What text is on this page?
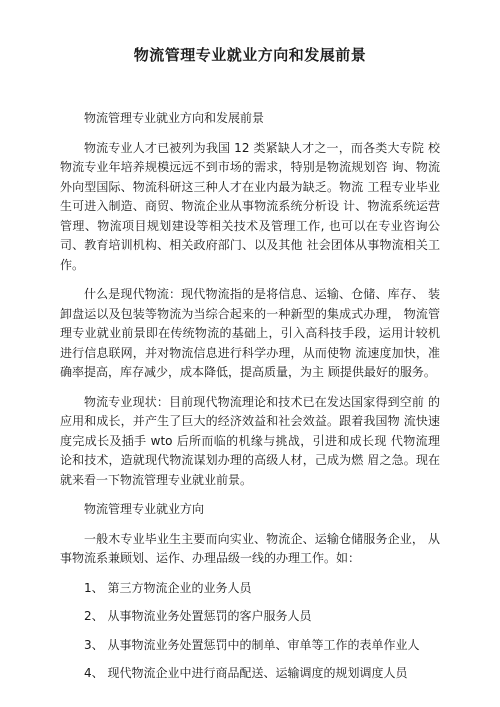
物流管理专业就业方向和发展前景

物流管理专业就业方向和发展前景

物流专业人才已被列为我国 12 类紧缺人才之一，而各类大专院 校物流专业年培养规模远远不到市场的需求，特别是物流规划咨 询、物流外向型国际、物流科研这三种人才在业内最为缺乏。物流 工程专业毕业生可进入制造、商贸、物流企业从事物流系统分析设 计、物流系统运营管理、物流项目规划建设等相关技术及管理工作, 也可以在专业咨询公司、教育培训机构、相关政府部门、以及其他 社会团体从事物流相关工作。

什么是现代物流：现代物流指的是将信息、运输、仓储、库存、 装卸盘运以及包装等物流为当综合起来的一种新型的集成式办理， 物流管理专业就业前景即在传统物流的基础上，引入高科技手段，运用计较机进行信息联网，并对物流信息进行科学办理，从而使物 流速度加快，准确率提高，库存减少，成本降低，提高质量，为主 顾提供最好的服务。

物流专业现状：目前现代物流理论和技术已在发达国家得到空前 的应用和成长，并产生了巨大的经济效益和社会效益。跟着我国物 流快速度完成长及插手 wto 后所而临的机缘与挑战，引进和成长现 代物流理论和技术，造就现代物流谋划办理的高级人材，己成为燃 眉之急。现在就来看一下物流管理专业就业前景。

物流管理专业就业方向

一般木专业毕业生主要而向实业、物流企、运输仓储服务企业， 从事物流系兼顾划、运作、办理品级一线的办理工作。如：

1、 第三方物流企业的业务人员

2、 从事物流业务处置惩罚的客户服务人员

3、 从事物流业务处置惩罚中的制单、审单等工作的表单作业人

4、 现代物流企业中进行商品配送、运输调度的规划调度人员
